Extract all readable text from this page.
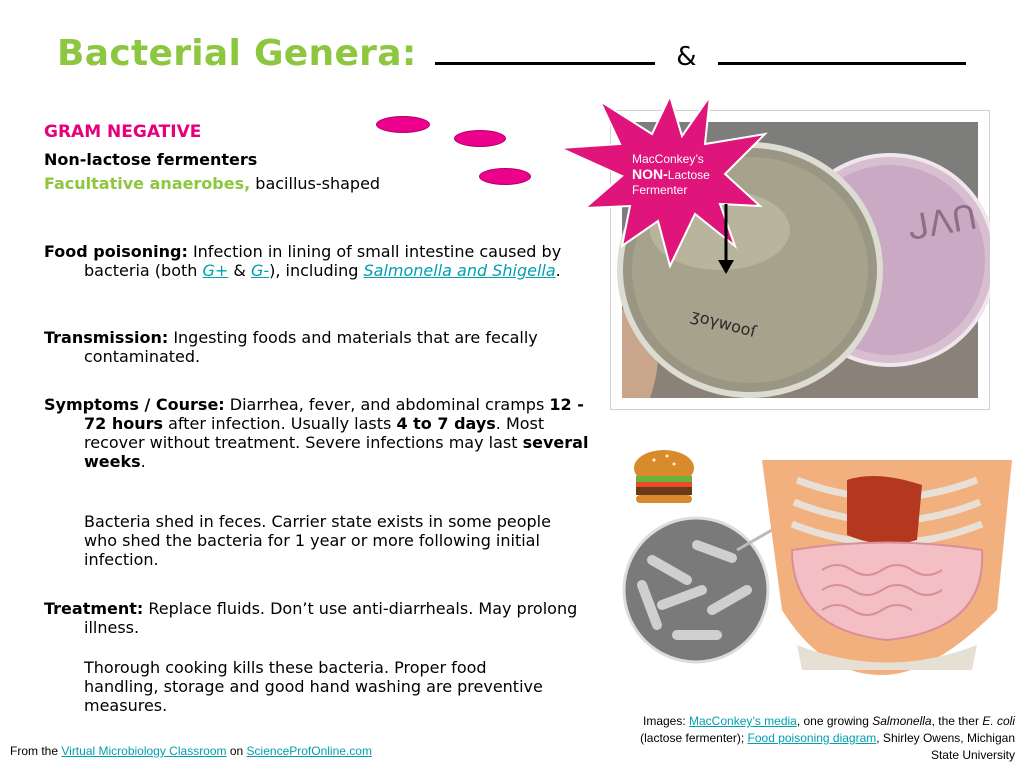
Bacterial Genera:	&
GRAM NEGATIVE
Non-lactose fermenters
Facultative anaerobes, bacillus-shaped
Food poisoning: Infection in lining of small intestine caused by bacteria (both G+ & G-), including Salmonella and Shigella.
Transmission: Ingesting foods and materials that are fecally contaminated.
Symptoms / Course: Diarrhea, fever, and abdominal cramps 12 - 72 hours after infection. Usually lasts 4 to 7 days. Most recover without treatment. Severe infections may last several weeks.
Bacteria shed in feces. Carrier state exists in some people who shed the bacteria for 1 year or more following initial infection.
Treatment: Replace fluids. Don’t use anti-diarrheals. May prolong illness.
Thorough cooking kills these bacteria. Proper food handling, storage and good hand washing are preventive measures.
ʒoγwooſ
ᒍᐱᑎ
MacConkey’s
NON-Lactose
Fermenter
Images: MacConkey’s media, one growing Salmonella, the ther E. coli (lactose fermenter); Food poisoning diagram, Shirley Owens, Michigan State University
From the Virtual Microbiology Classroom on ScienceProfOnline.com
